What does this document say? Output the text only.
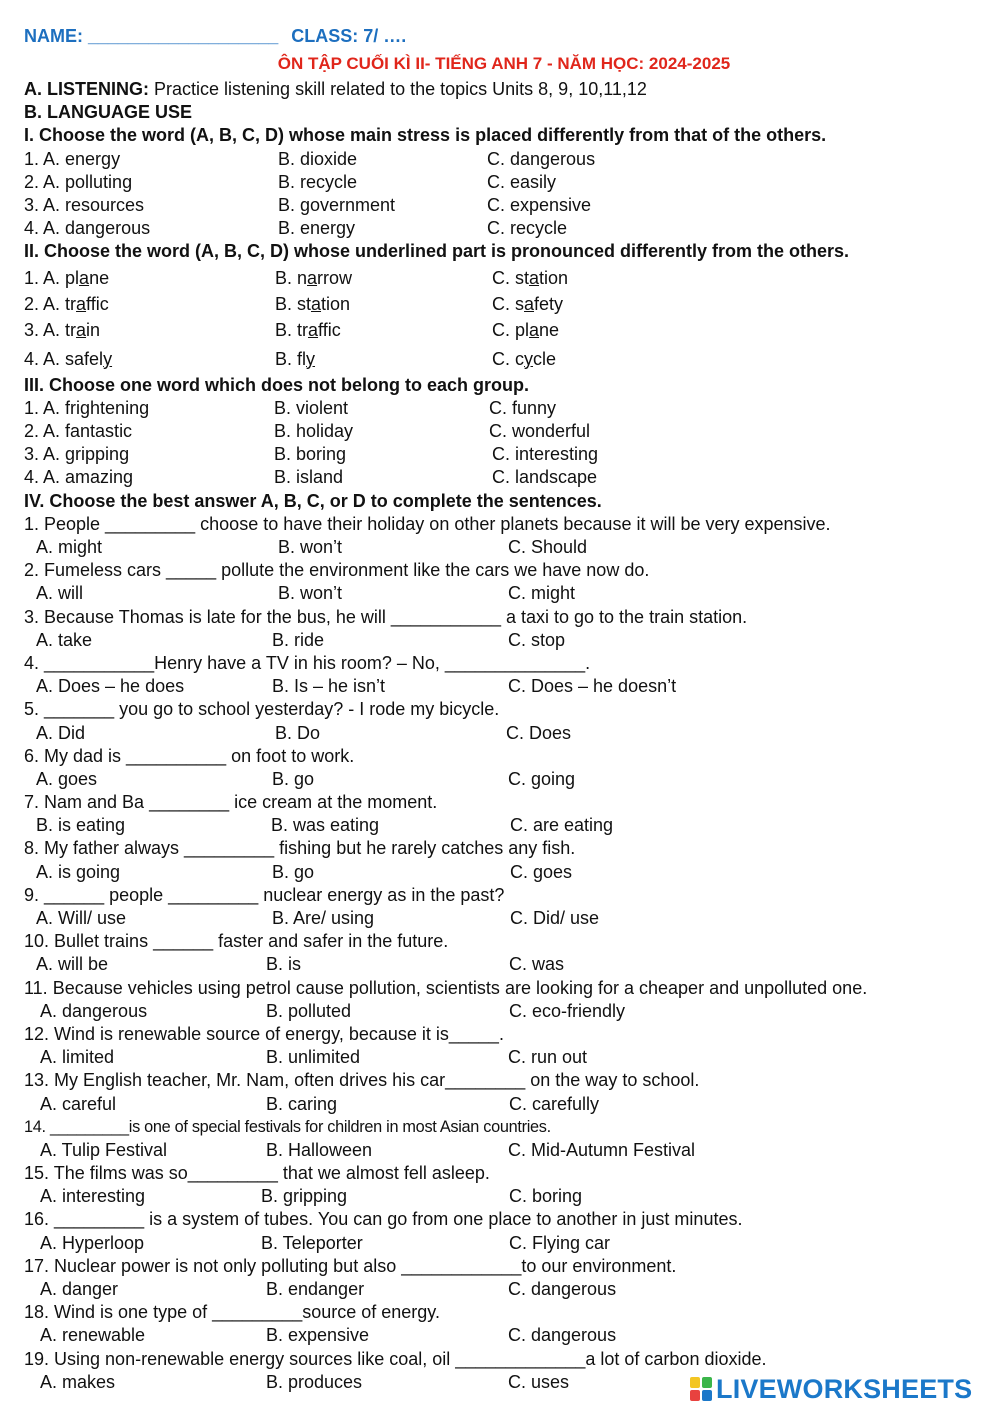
NAME: ___________________ CLASS: 7/ ….
ÔN TẬP CUỐI KÌ II- TIẾNG ANH 7 - NĂM HỌC: 2024-2025
A. LISTENING: Practice listening skill related to the topics Units 8, 9, 10,11,12
B. LANGUAGE USE
I. Choose the word (A, B, C, D) whose main stress is placed differently from that of the others.
1. A. energy	B. dioxide	C. dangerous
2. A. polluting	B. recycle	C. easily
3. A. resources	B. government	C. expensive
4. A. dangerous	B. energy	C. recycle
II. Choose the word (A, B, C, D) whose underlined part is pronounced differently from the others.
1. A. plane	B. narrow	C. station
2. A. traffic	B. station	C. safety
3. A. train	B. traffic	C. plane
4. A. safely	B. fly	C. cycle
III. Choose one word which does not belong to each group.
1. A. frightening	B. violent	C. funny
2. A. fantastic	B. holiday	C. wonderful
3. A. gripping	B. boring	C. interesting
4. A. amazing	B. island	C. landscape
IV. Choose the best answer A, B, C, or D to complete the sentences.
1. People _________ choose to have their holiday on other planets because it will be very expensive.
A. might	B. won’t	C. Should
2. Fumeless cars _____ pollute the environment like the cars we have now do.
A. will	B. won’t	C. might
3. Because Thomas is late for the bus, he will ___________ a taxi to go to the train station.
A. take	B. ride	C. stop
4. ___________Henry have a TV in his room? – No, ______________.
A. Does – he does	B. Is – he isn’t	C. Does – he doesn’t
5. _______ you go to school yesterday? - I rode my bicycle.
A. Did	B. Do	C. Does
6. My dad is __________ on foot to work.
A. goes	B. go	C. going
7. Nam and Ba ________ ice cream at the moment.
B. is eating	B. was eating	C. are eating
8. My father always _________ fishing but he rarely catches any fish.
A. is going	B. go	C. goes
9. ______ people _________ nuclear energy as in the past?
A. Will/ use	B. Are/ using	C. Did/ use
10. Bullet trains ______ faster and safer in the future.
A. will be	B. is	C. was
11. Because vehicles using petrol cause pollution, scientists are looking for a cheaper and unpolluted one.
A. dangerous	B. polluted	C. eco-friendly
12. Wind is renewable source of energy, because it is_____.
A. limited	B. unlimited	C. run out
13. My English teacher, Mr. Nam, often drives his car________ on the way to school.
A. careful	B. caring	C. carefully
14. _________is one of special festivals for children in most Asian countries.
A. Tulip Festival	B. Halloween	C. Mid-Autumn Festival
15. The films was so_________ that we almost fell asleep.
A. interesting	B. gripping	C. boring
16. _________ is a system of tubes. You can go from one place to another in just minutes.
A. Hyperloop	B. Teleporter	C. Flying car
17. Nuclear power is not only polluting but also ____________to our environment.
A. danger	B. endanger	C. dangerous
18. Wind is one type of _________source of energy.
A. renewable	B. expensive	C. dangerous
19. Using non-renewable energy sources like coal, oil _____________a lot of carbon dioxide.
A. makes	B. produces	C. uses	LIVEWORKSHEETS
